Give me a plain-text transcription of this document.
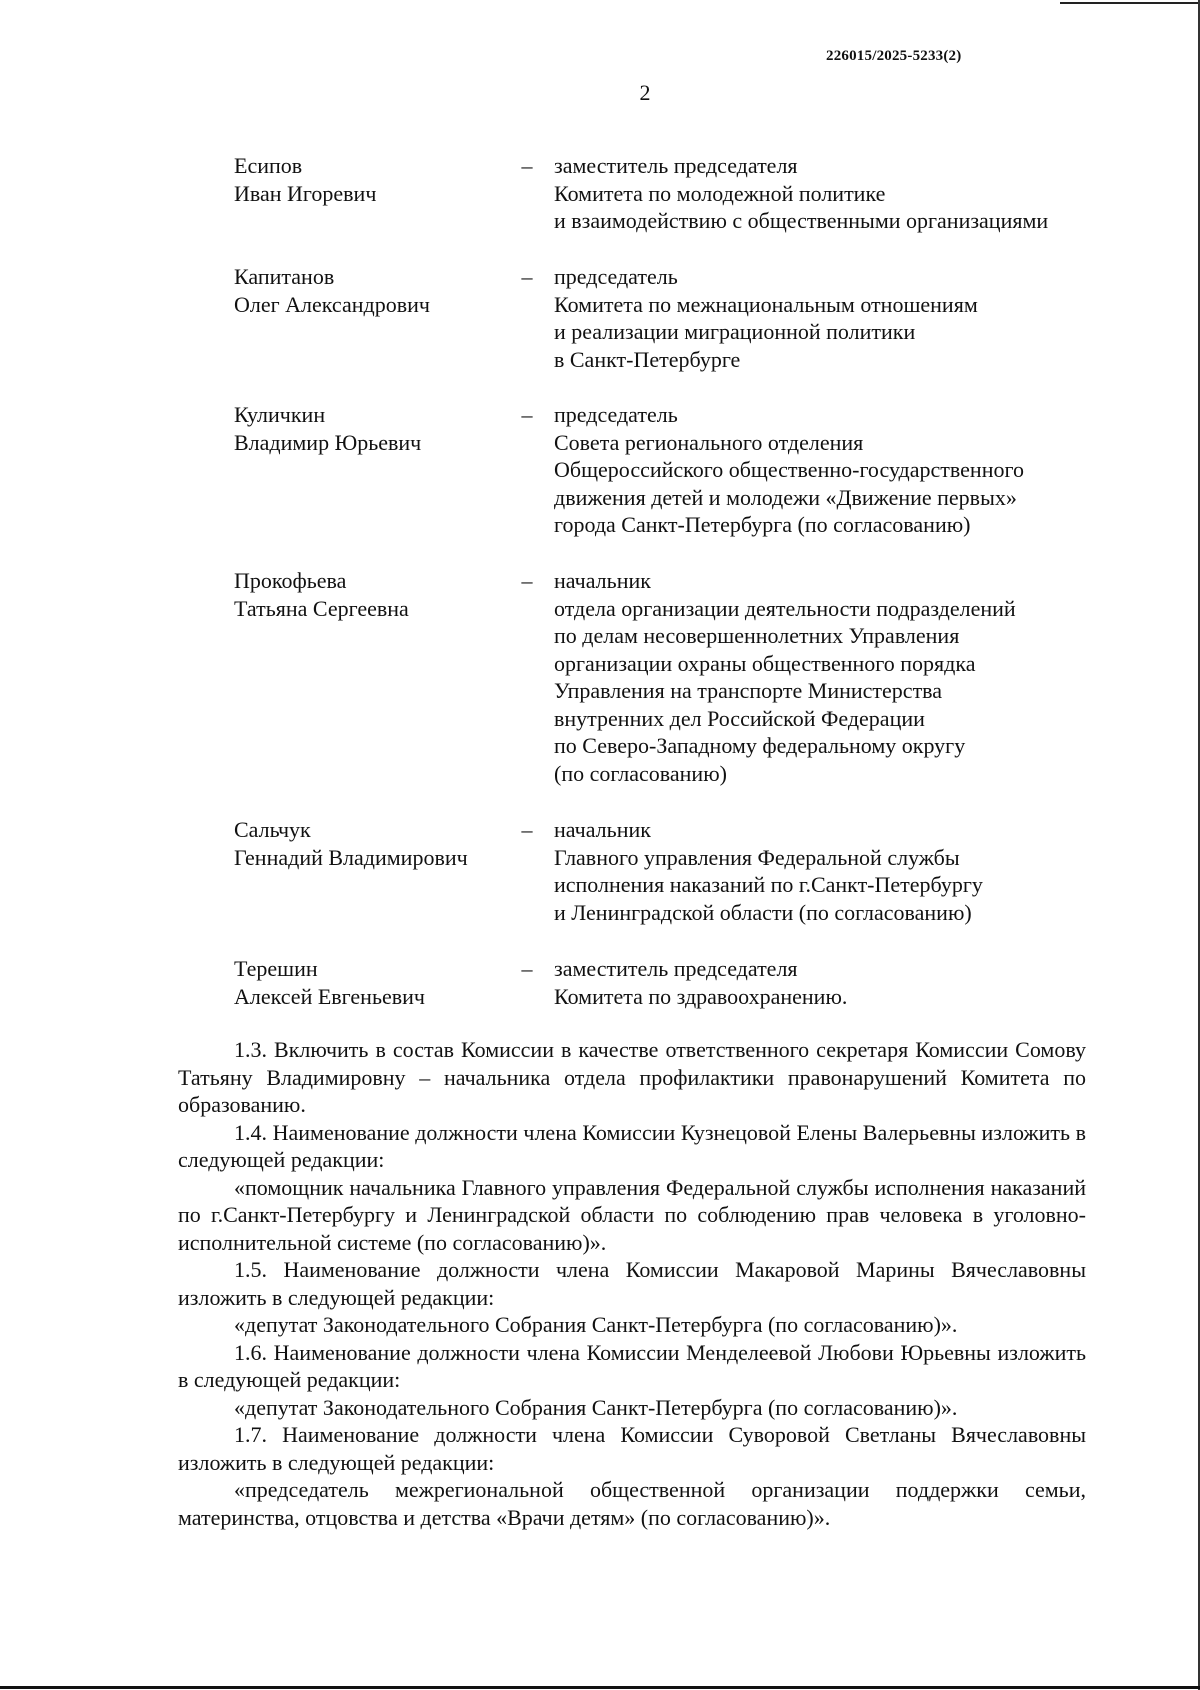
226015/2025-5233(2)
2
Есипов
Иван Игоревич
– заместитель председателя
Комитета по молодежной политике
и взаимодействию с общественными организациями
Капитанов
Олег Александрович
– председатель
Комитета по межнациональным отношениям
и реализации миграционной политики
в Санкт-Петербурге
Куличкин
Владимир Юрьевич
– председатель
Совета регионального отделения
Общероссийского общественно-государственного
движения детей и молодежи «Движение первых»
города Санкт-Петербурга (по согласованию)
Прокофьева
Татьяна Сергеевна
– начальник
отдела организации деятельности подразделений
по делам несовершеннолетних Управления
организации охраны общественного порядка
Управления на транспорте Министерства
внутренних дел Российской Федерации
по Северо-Западному федеральному округу
(по согласованию)
Сальчук
Геннадий Владимирович
– начальник
Главного управления Федеральной службы
исполнения наказаний по г.Санкт-Петербургу
и Ленинградской области (по согласованию)
Терешин
Алексей Евгеньевич
– заместитель председателя
Комитета по здравоохранению.

1.3. Включить в состав Комиссии в качестве ответственного секретаря Комиссии Сомову Татьяну Владимировну – начальника отдела профилактики правонарушений Комитета по образованию.

1.4. Наименование должности члена Комиссии Кузнецовой Елены Валерьевны изложить в следующей редакции:

«помощник начальника Главного управления Федеральной службы исполнения наказаний по г.Санкт-Петербургу и Ленинградской области по соблюдению прав человека в уголовно-исполнительной системе (по согласованию)».

1.5. Наименование должности члена Комиссии Макаровой Марины Вячеславовны изложить в следующей редакции:

«депутат Законодательного Собрания Санкт-Петербурга (по согласованию)».

1.6. Наименование должности члена Комиссии Менделеевой Любови Юрьевны изложить в следующей редакции:

«депутат Законодательного Собрания Санкт-Петербурга (по согласованию)».

1.7. Наименование должности члена Комиссии Суворовой Светланы Вячеславовны изложить в следующей редакции:

«председатель межрегиональной общественной организации поддержки семьи, материнства, отцовства и детства «Врачи детям» (по согласованию)».
